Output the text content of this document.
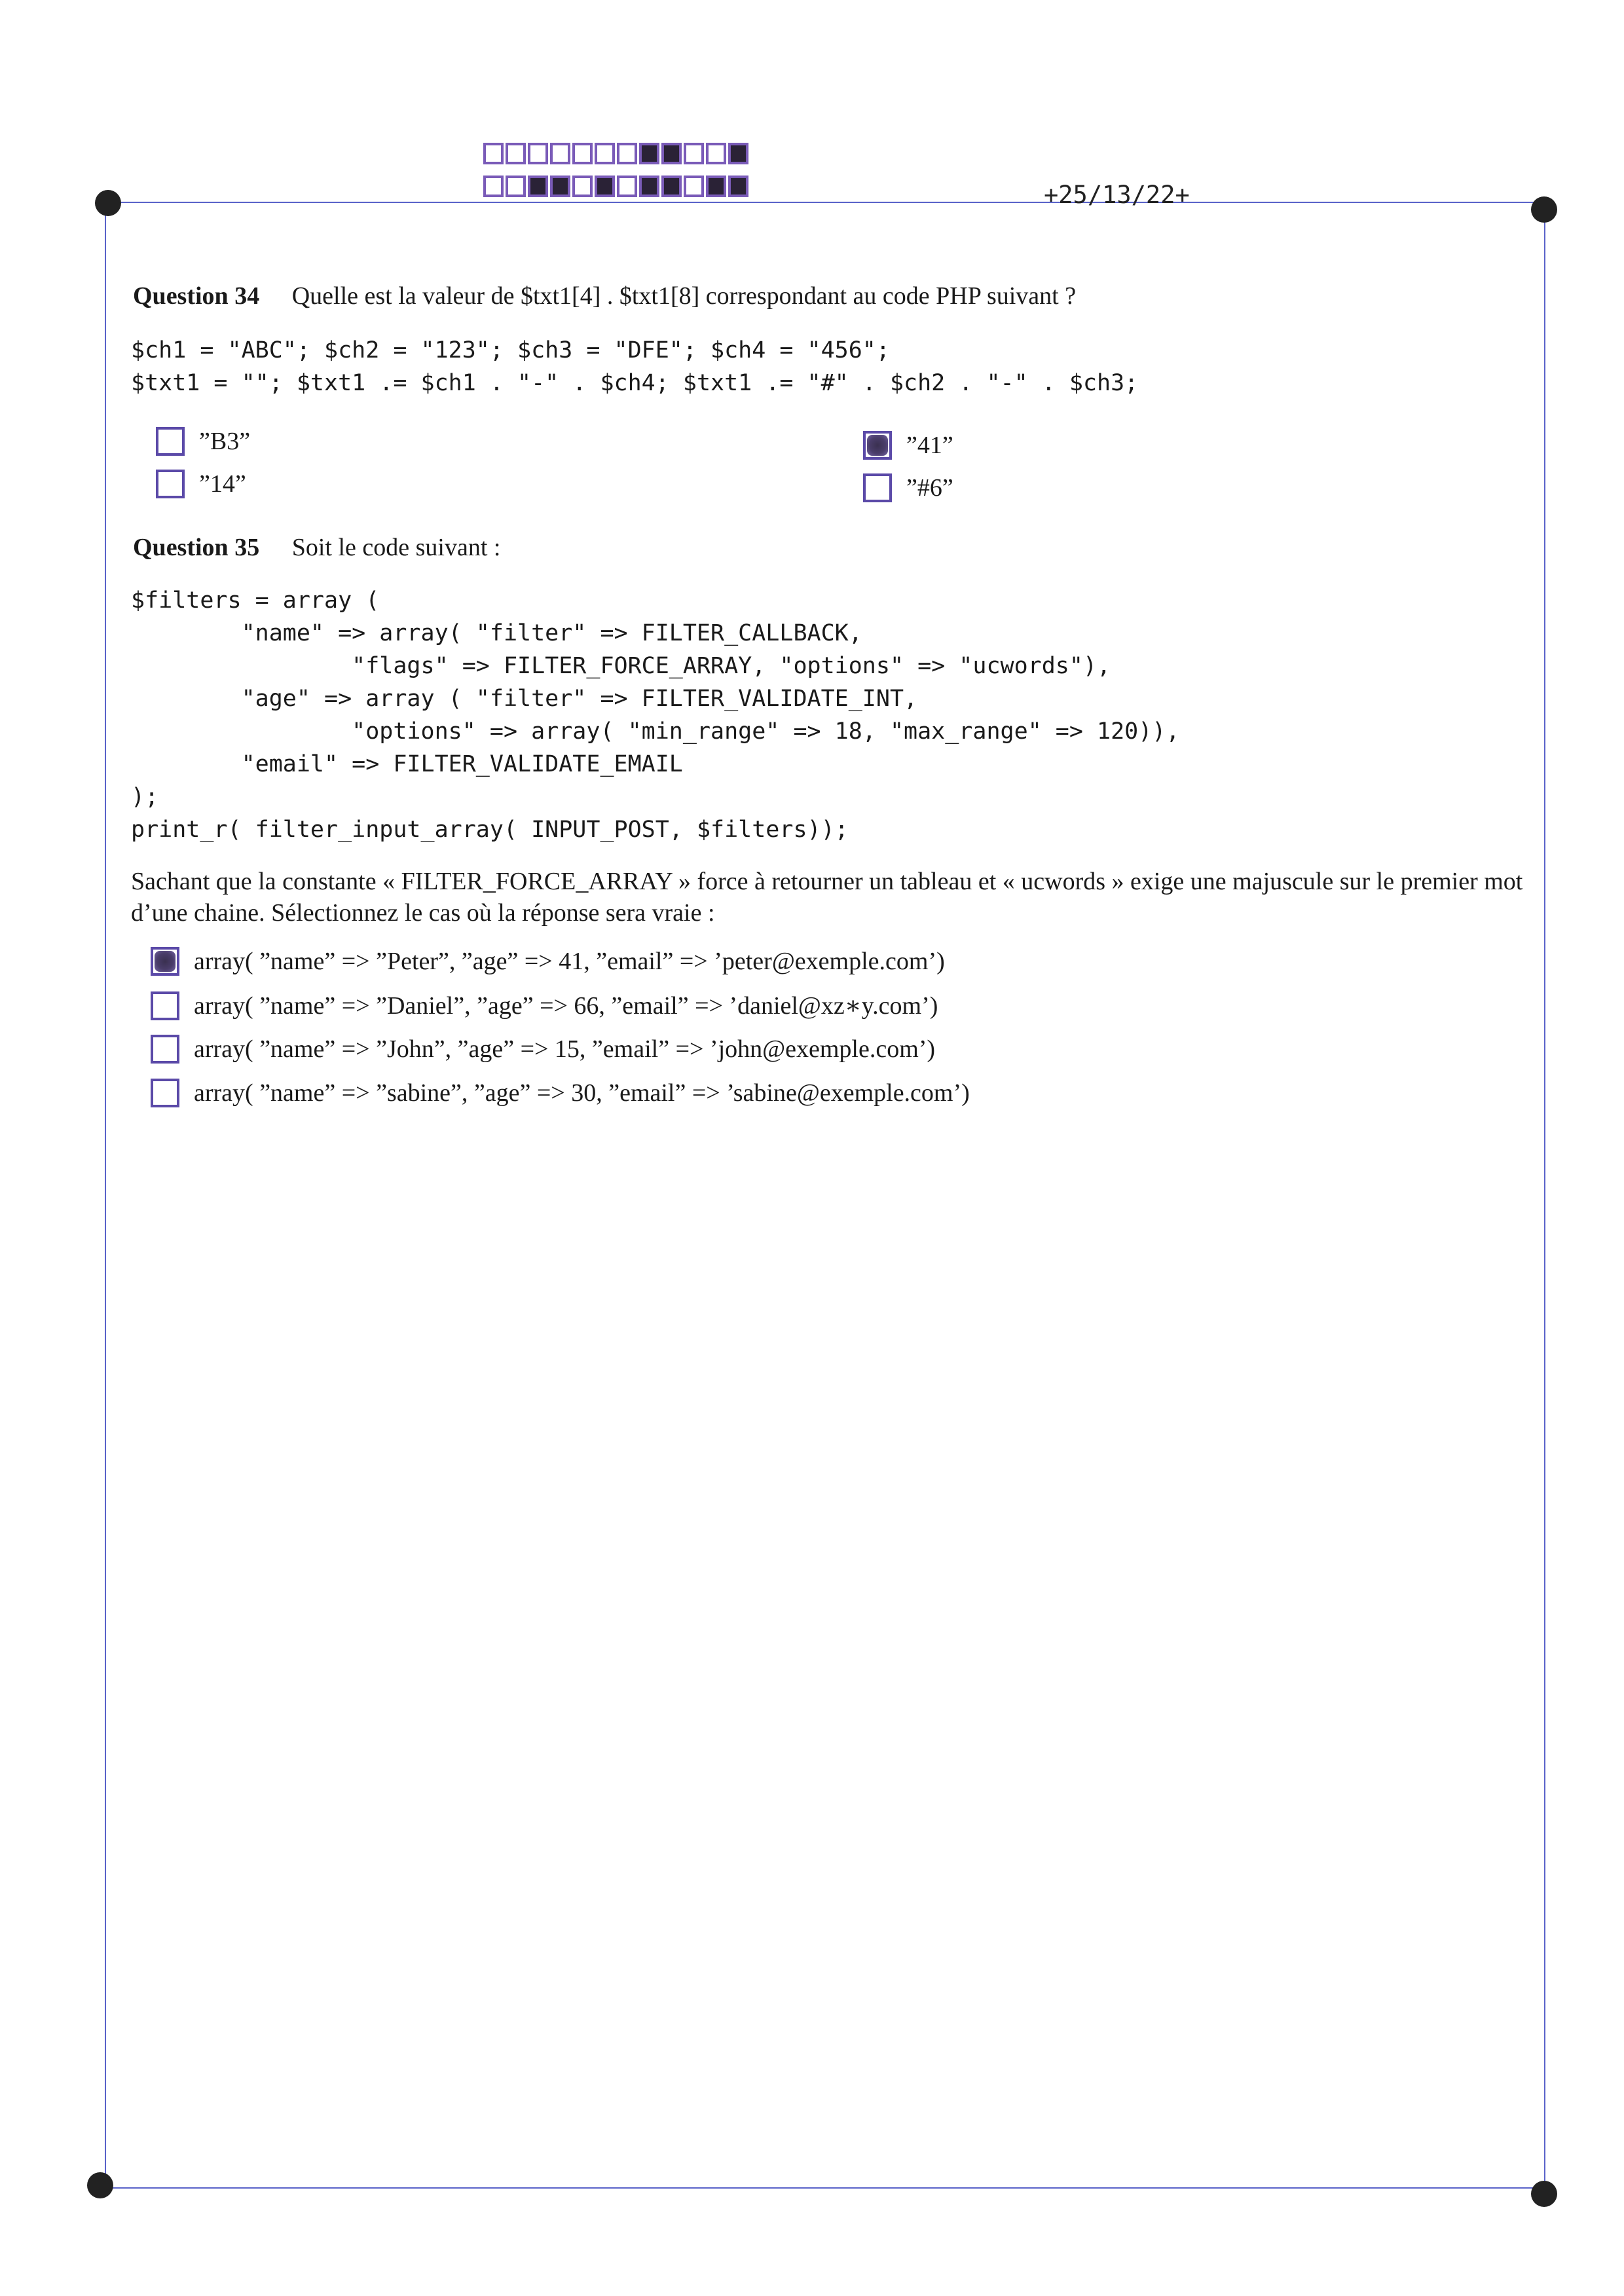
+25/13/22+
Question 34 Quelle est la valeur de $txt1[4] . $txt1[8] correspondant au code PHP suivant ?
$ch1 = "ABC"; $ch2 = "123"; $ch3 = "DFE"; $ch4 = "456";
$txt1 = ""; $txt1 .= $ch1 . "-" . $ch4; $txt1 .= "#" . $ch2 . "-" . $ch3;
”B3”
”14”
”41”
”#6”
Question 35 Soit le code suivant :
$filters = array (
"name" => array( "filter" => FILTER_CALLBACK,
"flags" => FILTER_FORCE_ARRAY, "options" => "ucwords"),
"age" => array ( "filter" => FILTER_VALIDATE_INT,
"options" => array( "min_range" => 18, "max_range" => 120)),
"email" => FILTER_VALIDATE_EMAIL
);
print_r( filter_input_array( INPUT_POST, $filters));
Sachant que la constante « FILTER_FORCE_ARRAY » force à retourner un tableau et « ucwords » exige une majuscule sur le premier mot d’une chaine. Sélectionnez le cas où la réponse sera vraie :
array( ”name” => ”Peter”, ”age” => 41, ”email” => ’peter@exemple.com’)
array( ”name” => ”Daniel”, ”age” => 66, ”email” => ’daniel@xz∗y.com’)
array( ”name” => ”John”, ”age” => 15, ”email” => ’john@exemple.com’)
array( ”name” => ”sabine”, ”age” => 30, ”email” => ’sabine@exemple.com’)
